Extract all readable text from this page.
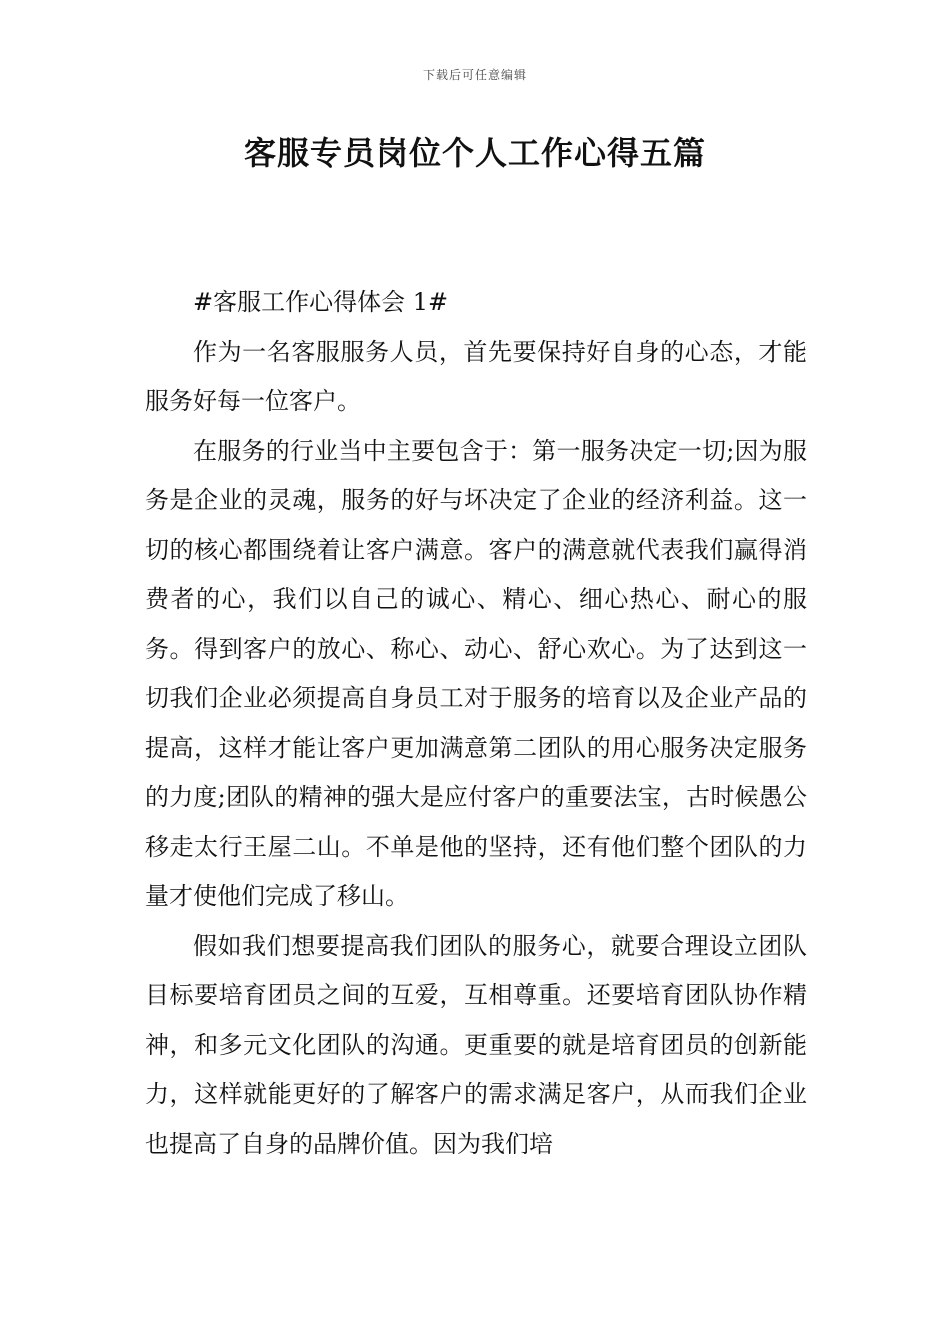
下载后可任意编辑
客服专员岗位个人工作心得五篇

#客服工作心得体会 1#

作为一名客服服务人员，首先要保持好自身的心态，才能服务好每一位客户。

在服务的行业当中主要包含于：第一服务决定一切;因为服务是企业的灵魂，服务的好与坏决定了企业的经济利益。这一切的核心都围绕着让客户满意。客户的满意就代表我们赢得消费者的心，我们以自己的诚心、精心、细心热心、耐心的服务。得到客户的放心、称心、动心、舒心欢心。为了达到这一切我们企业必须提高自身员工对于服务的培育以及企业产品的提高，这样才能让客户更加满意第二团队的用心服务决定服务的力度;团队的精神的强大是应付客户的重要法宝，古时候愚公移走太行王屋二山。不单是他的坚持，还有他们整个团队的力量才使他们完成了移山。

假如我们想要提高我们团队的服务心，就要合理设立团队目标要培育团员之间的互爱，互相尊重。还要培育团队协作精神，和多元文化团队的沟通。更重要的就是培育团员的创新能力，这样就能更好的了解客户的需求满足客户，从而我们企业也提高了自身的品牌价值。因为我们培
